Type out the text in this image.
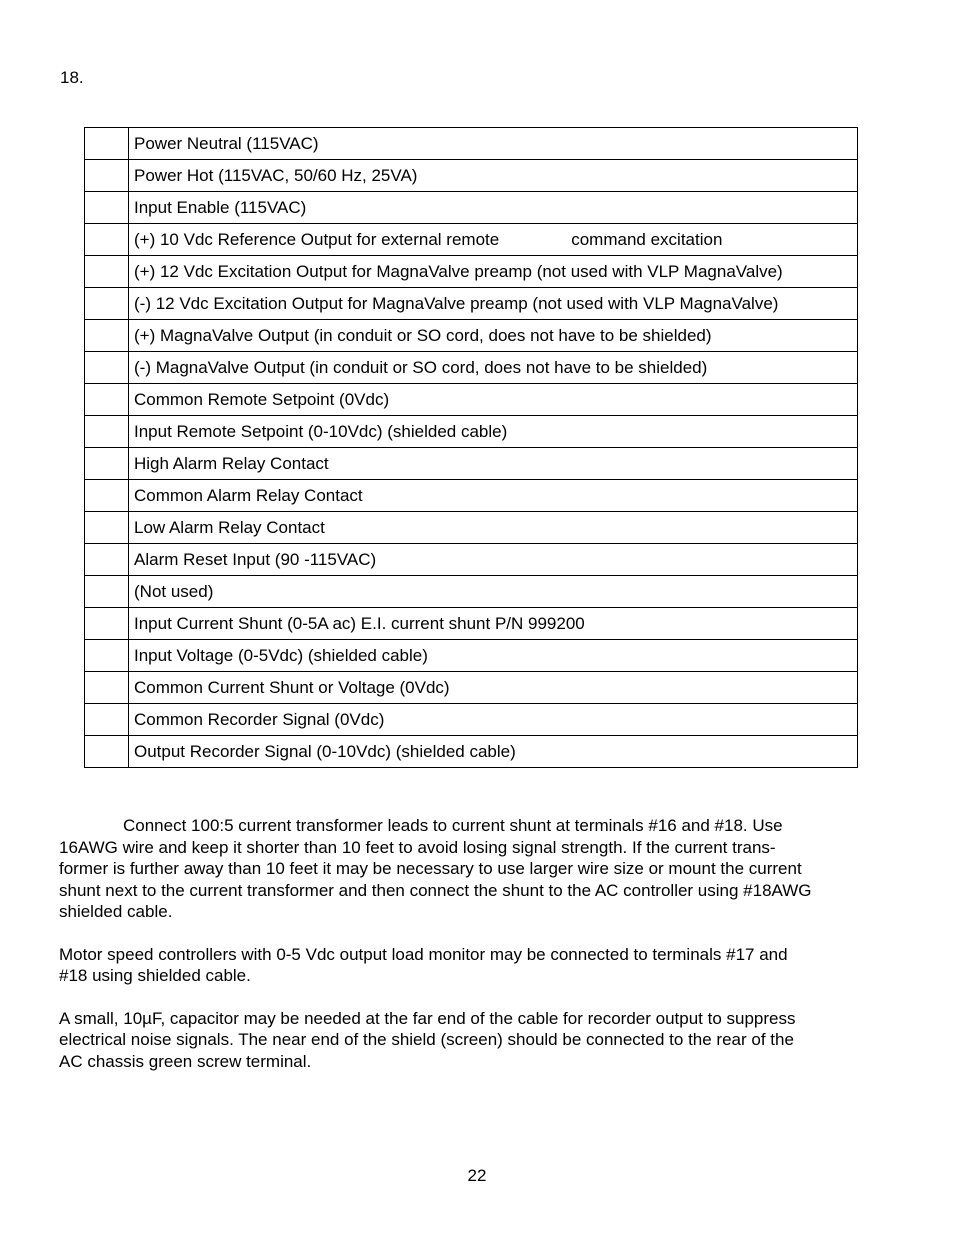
18.
	Power Neutral (115VAC)
	Power Hot (115VAC, 50/60 Hz, 25VA)
	Input Enable (115VAC)
	(+) 10 Vdc Reference Output for external remote command excitation
	(+) 12 Vdc Excitation Output for MagnaValve preamp (not used with VLP MagnaValve)
	(-) 12 Vdc Excitation Output for MagnaValve preamp (not used with VLP MagnaValve)
	(+) MagnaValve Output (in conduit or SO cord, does not have to be shielded)
	(-) MagnaValve Output (in conduit or SO cord, does not have to be shielded)
	Common Remote Setpoint (0Vdc)
	Input Remote Setpoint (0-10Vdc) (shielded cable)
	High Alarm Relay Contact
	Common Alarm Relay Contact
	Low Alarm Relay Contact
	Alarm Reset Input (90 -115VAC)
	(Not used)
	Input Current Shunt (0-5A ac) E.I. current shunt P/N 999200
	Input Voltage (0-5Vdc) (shielded cable)
	Common Current Shunt or Voltage (0Vdc)
	Common Recorder Signal (0Vdc)
	Output Recorder Signal (0-10Vdc) (shielded cable)

Connect 100:5 current transformer leads to current shunt at terminals #16 and #18. Use
16AWG wire and keep it shorter than 10 feet to avoid losing signal strength. If the current trans-
former is further away than 10 feet it may be necessary to use larger wire size or mount the current
shunt next to the current transformer and then connect the shunt to the AC controller using #18AWG
shielded cable.

Motor speed controllers with 0-5 Vdc output load monitor may be connected to terminals #17 and
#18 using shielded cable.

A small, 10µF, capacitor may be needed at the far end of the cable for recorder output to suppress
electrical noise signals. The near end of the shield (screen) should be connected to the rear of the
AC chassis green screw terminal.

22
